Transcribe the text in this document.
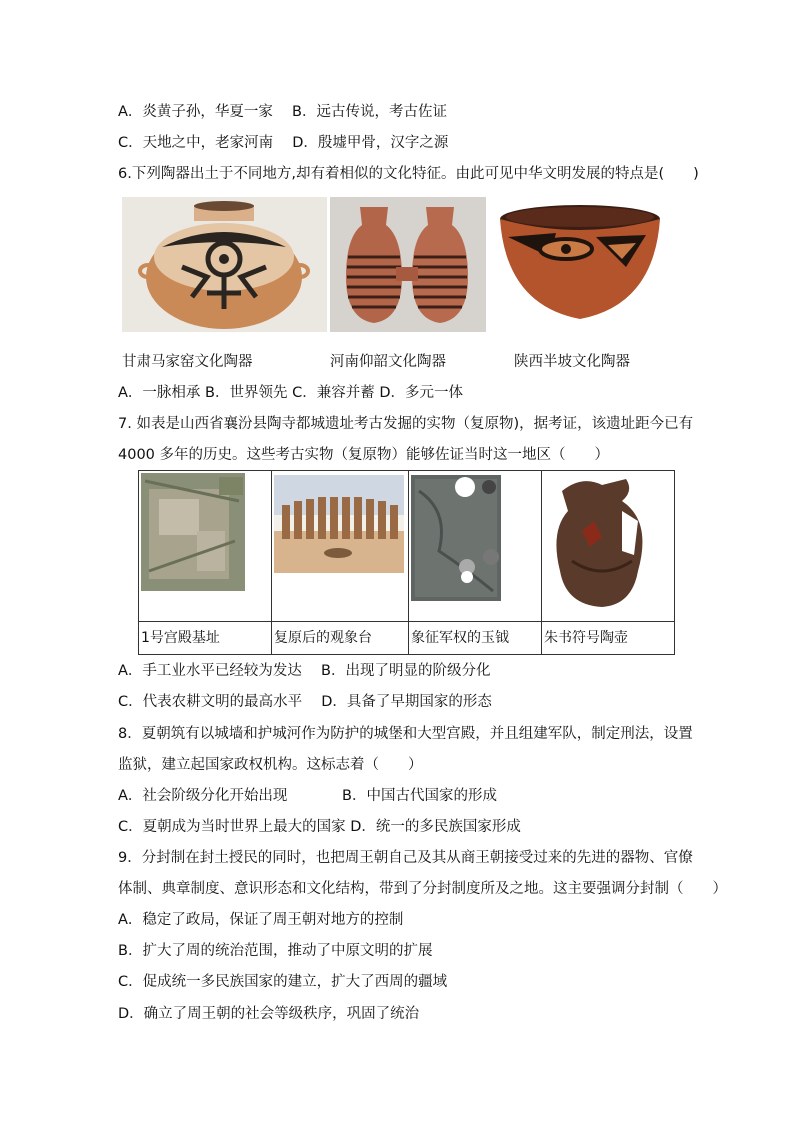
A．炎黄子孙，华夏一家　 B．远古传说，考古佐证
C．天地之中，老家河南　 D．殷墟甲骨，汉字之源
6.下列陶器出土于不同地方,却有着相似的文化特征。由此可见中华文明发展的特点是(　　)
甘肃马家窑文化陶器	河南仰韶文化陶器	陕西半坡文化陶器
A．一脉相承 B．世界领先 C．兼容并蓄 D．多元一体
7. 如表是山西省襄汾县陶寺都城遗址考古发掘的实物（复原物)，据考证，该遗址距今已有
4000 多年的历史。这些考古实物（复原物）能够佐证当时这一地区（　　）

1号宫殿基址	复原后的观象台	象征军权的玉钺	朱书符号陶壶
A．手工业水平已经较为发达　 B．出现了明显的阶级分化
C．代表农耕文明的最高水平　 D．具备了早期国家的形态
8．夏朝筑有以城墙和护城河作为防护的城堡和大型宫殿，并且组建军队，制定刑法，设置
监狱，建立起国家政权机构。这标志着（　　）
A．社会阶级分化开始出现	B．中国古代国家的形成
C．夏朝成为当时世界上最大的国家 D．统一的多民族国家形成
9．分封制在封土授民的同时，也把周王朝自己及其从商王朝接受过来的先进的器物、官僚
体制、典章制度、意识形态和文化结构，带到了分封制度所及之地。这主要强调分封制（　　）
A．稳定了政局，保证了周王朝对地方的控制
B．扩大了周的统治范围，推动了中原文明的扩展
C．促成统一多民族国家的建立，扩大了西周的疆域
D．确立了周王朝的社会等级秩序，巩固了统治
